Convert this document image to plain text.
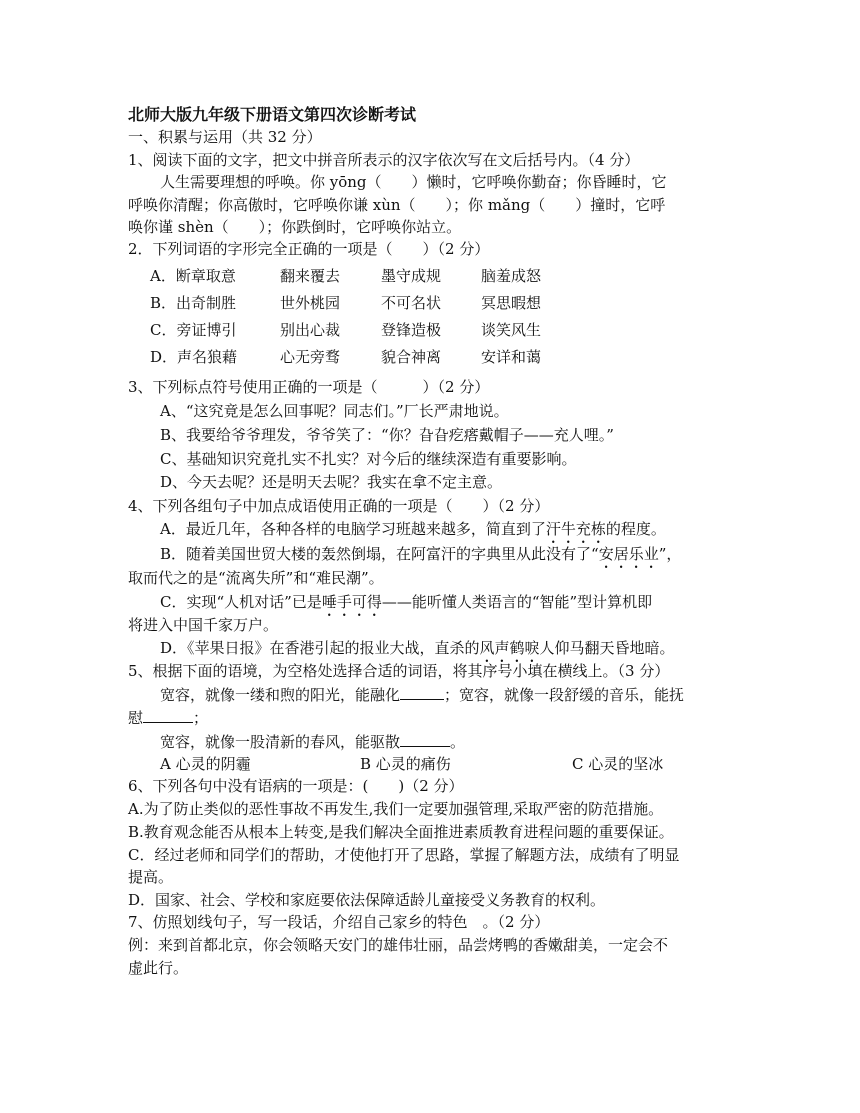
北师大版九年级下册语文第四次诊断考试
一、积累与运用（共 32 分）
1、阅读下面的文字，把文中拼音所表示的汉字依次写在文后括号内。（4 分）
人生需要理想的呼唤。你 yōng（　　）懒时，它呼唤你勤奋；你昏睡时，它
呼唤你清醒；你高傲时，它呼唤你谦 xùn（　　）；你 mǎng（　　）撞时，它呼
唤你谨 shèn（　　）；你跌倒时，它呼唤你站立。
2．下列词语的字形完全正确的一项是（　　）（2 分）
A．断章取意	翻来覆去	墨守成规	脑羞成怒
B．出奇制胜	世外桃园	不可名状	冥思暇想
C．旁证博引	别出心裁	登锋造极	谈笑风生
D．声名狼藉	心无旁骛	貌合神离	安详和蔼
3、下列标点符号使用正确的一项是（　　　）（2 分）
A、“这究竟是怎么回事呢？同志们。”厂长严肃地说。
B、我要给爷爷理发，爷爷笑了：“你？旮旮疙瘩戴帽子——充人哩。”
C、基础知识究竟扎实不扎实？对今后的继续深造有重要影响。
D、今天去呢？还是明天去呢？我实在拿不定主意。
4、下列各组句子中加点成语使用正确的一项是（　　）（2 分）
A．最近几年，各种各样的电脑学习班越来越多，简直到了汗牛充栋的程度。
B．随着美国世贸大楼的轰然倒塌，在阿富汗的字典里从此没有了“安居乐业”，
取而代之的是“流离失所”和“难民潮”。
C．实现“人机对话”已是唾手可得——能听懂人类语言的“智能”型计算机即
将进入中国千家万户。
D．《苹果日报》在香港引起的报业大战，直杀的风声鹤唳人仰马翻天昏地暗。
5、根据下面的语境，为空格处选择合适的词语，将其序号小填在横线上。（3 分）
宽容，就像一缕和煦的阳光，能融化	；宽容，就像一段舒缓的音乐，能抚
慰	；
宽容，就像一股清新的春风，能驱散	。
A 心灵的阴霾	B 心灵的痛伤	C 心灵的坚冰
6、下列各句中没有语病的一项是：(　　)（2 分）
A.为了防止类似的恶性事故不再发生,我们一定要加强管理,采取严密的防范措施。
B.教育观念能否从根本上转变,是我们解决全面推进素质教育进程问题的重要保证。
C．经过老师和同学们的帮助，才使他打开了思路，掌握了解题方法，成绩有了明显
提高。
D．国家、社会、学校和家庭要依法保障适龄儿童接受义务教育的权利。
7、仿照划线句子，写一段话，介绍自己家乡的特色　。（2 分）
例：来到首都北京，你会领略天安门的雄伟壮丽，品尝烤鸭的香嫩甜美，一定会不
虚此行。
